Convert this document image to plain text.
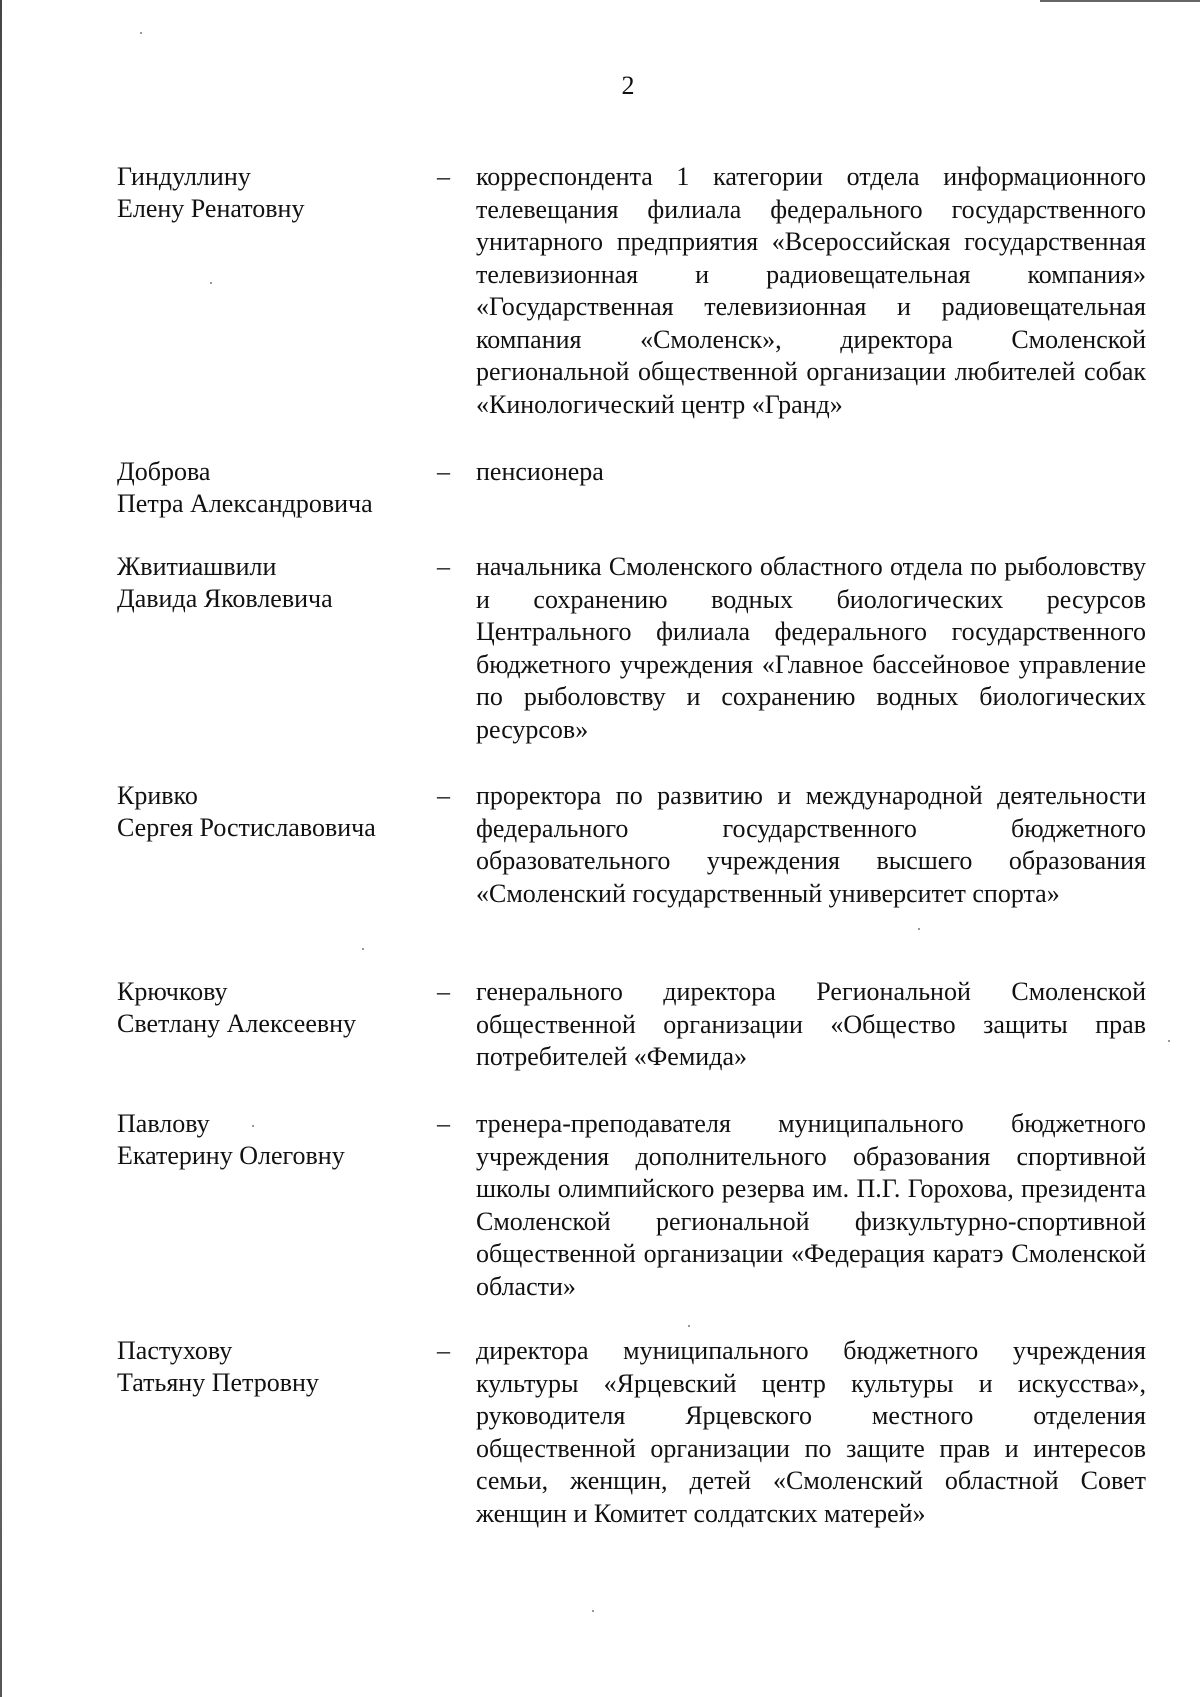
2
Гиндуллину
Елену Ренатовну
– корреспондента 1 категории отдела информационного телевещания филиала федерального государственного унитарного предприятия «Всероссийская государственная телевизионная и радиовещательная компания» «Государственная телевизионная и радиовещательная компания «Смоленск», директора Смоленской региональной общественной организации любителей собак «Кинологический центр «Гранд»
Доброва
Петра Александровича
– пенсионера
Жвитиашвили
Давида Яковлевича
– начальника Смоленского областного отдела по рыболовству и сохранению водных биологических ресурсов Центрального филиала федерального государственного бюджетного учреждения «Главное бассейновое управление по рыболовству и сохранению водных биологических ресурсов»
Кривко
Сергея Ростиславовича
– проректора по развитию и международной деятельности федерального государственного бюджетного образовательного учреждения высшего образования «Смоленский государственный университет спорта»
Крючкову
Светлану Алексеевну
– генерального директора Региональной Смоленской общественной организации «Общество защиты прав потребителей «Фемида»
Павлову
Екатерину Олеговну
– тренера-преподавателя муниципального бюджетного учреждения дополнительного образования спортивной школы олимпийского резерва им. П.Г. Горохова, президента Смоленской региональной физкультурно-спортивной общественной организации «Федерация каратэ Смоленской области»
Пастухову
Татьяну Петровну
– директора муниципального бюджетного учреждения культуры «Ярцевский центр культуры и искусства», руководителя Ярцевского местного отделения общественной организации по защите прав и интересов семьи, женщин, детей «Смоленский областной Совет женщин и Комитет солдатских матерей»
